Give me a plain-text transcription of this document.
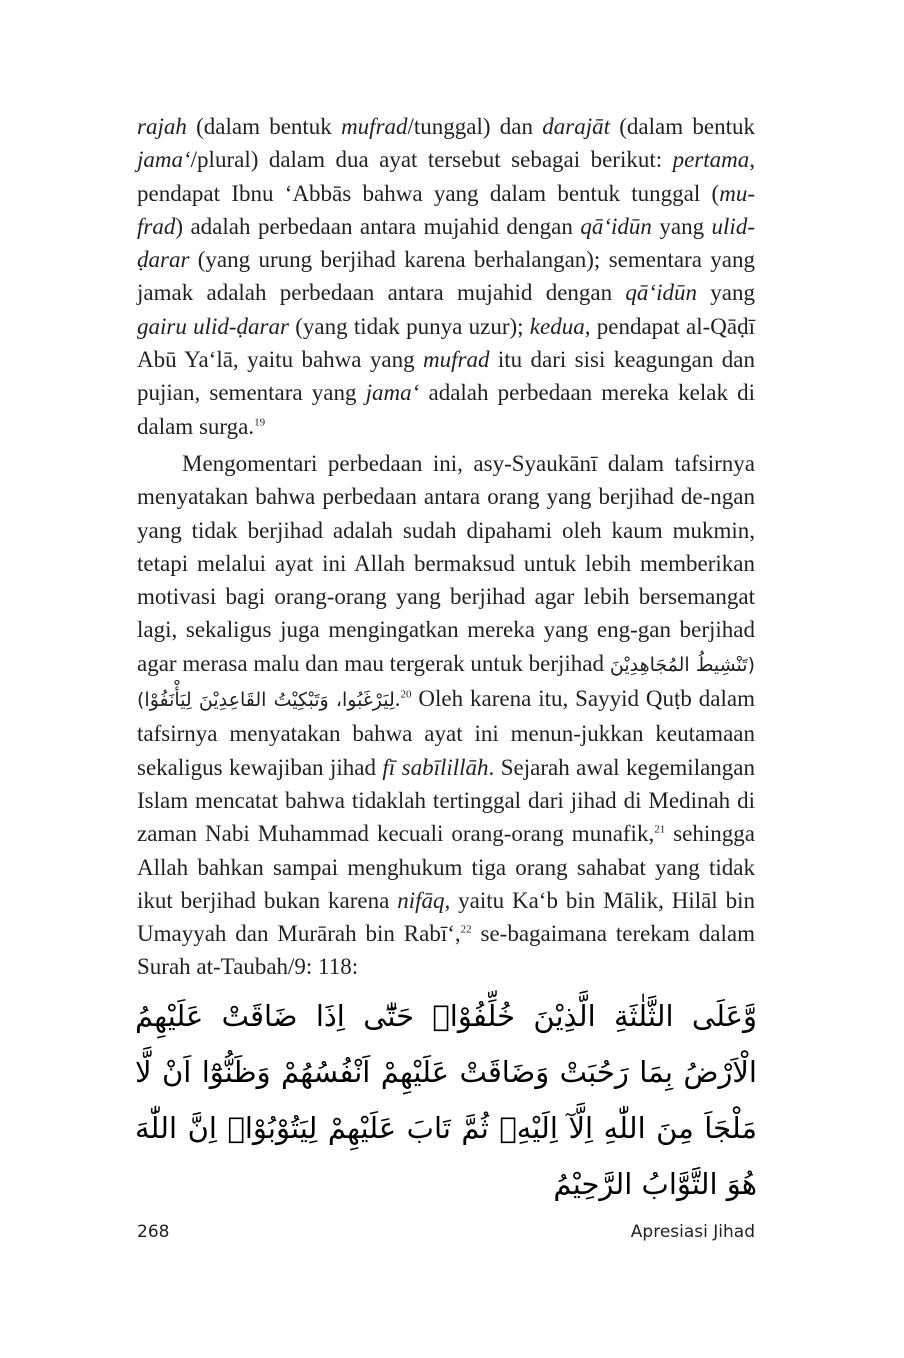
rajah (dalam bentuk mufrad/tunggal) dan darajāt (dalam bentuk jama‘/plural) dalam dua ayat tersebut sebagai berikut: pertama, pendapat Ibnu ‘Abbās bahwa yang dalam bentuk tunggal (mu-frad) adalah perbedaan antara mujahid dengan qā‘idūn yang ulid-ḍarar (yang urung berjihad karena berhalangan); sementara yang jamak adalah perbedaan antara mujahid dengan qā‘idūn yang gairu ulid-ḍarar (yang tidak punya uzur); kedua, pendapat al-Qāḍī Abū Ya‘lā, yaitu bahwa yang mufrad itu dari sisi keagungan dan pujian, sementara yang jama‘ adalah perbedaan mereka kelak di dalam surga.$^{19}$

Mengomentari perbedaan ini, asy-Syaukānī dalam tafsirnya menyatakan bahwa perbedaan antara orang yang berjihad de-ngan yang tidak berjihad adalah sudah dipahami oleh kaum mukmin, tetapi melalui ayat ini Allah bermaksud untuk lebih memberikan motivasi bagi orang-orang yang berjihad agar lebih bersemangat lagi, sekaligus juga mengingatkan mereka yang eng-gan berjihad agar merasa malu dan mau tergerak untuk berjihad (تَنْشِيطُ المُجَاهِدِيْنَ لِيَرْغَبُوا، وَتَبْكِيْتُ القَاعِدِيْنَ لِيَأْنَفُوْا).$^{20}$ Oleh karena itu, Sayyid Quṭb dalam tafsirnya menyatakan bahwa ayat ini menun-jukkan keutamaan sekaligus kewajiban jihad fī sabīlillāh. Sejarah awal kegemilangan Islam mencatat bahwa tidaklah tertinggal dari jihad di Medinah di zaman Nabi Muhammad kecuali orang-orang munafik,$^{21}$ sehingga Allah bahkan sampai menghukum tiga orang sahabat yang tidak ikut berjihad bukan karena nifāq, yaitu Ka‘b bin Mālik, Hilāl bin Umayyah dan Murārah bin Rabī‘,$^{22}$ se-bagaimana terekam dalam Surah at-Taubah/9: 118:

وَّعَلَى الثَّلٰثَةِ الَّذِيْنَ خُلِّفُوْاۗ حَتّٰٓى اِذَا ضَاقَتْ عَلَيْهِمُ الْاَرْضُ بِمَا رَحُبَتْ وَضَاقَتْ عَلَيْهِمْ اَنْفُسُهُمْ وَظَنُّوْٓا اَنْ لَّا مَلْجَاَ مِنَ اللّٰهِ اِلَّآ اِلَيْهِۗ ثُمَّ تَابَ عَلَيْهِمْ لِيَتُوْبُوْاۗ اِنَّ اللّٰهَ هُوَ التَّوَّابُ الرَّحِيْمُ
268	Apresiasi Jihad
